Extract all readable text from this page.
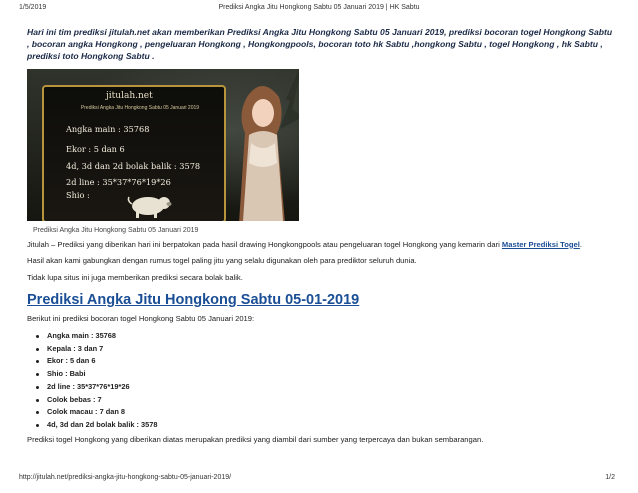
1/5/2019	Prediksi Angka Jitu Hongkong Sabtu 05 Januari 2019 | HK Sabtu

Hari ini tim prediksi jitulah.net akan memberikan Prediksi Angka Jitu Hongkong Sabtu 05 Januari 2019, prediksi bocoran togel Hongkong Sabtu , bocoran angka Hongkong , pengeluaran Hongkong , Hongkongpools, bocoran toto hk Sabtu ,hongkong Sabtu , togel Hongkong , hk Sabtu , prediksi toto Hongkong Sabtu .

jitulah.net
Prediksi Angka Jitu Hongkong Sabtu 05 Januari 2019
Angka main : 35768
Ekor : 5 dan 6
4d, 3d dan 2d bolak balik : 3578
2d line : 35*37*76*19*26
Shio :
Prediksi Angka Jitu Hongkong Sabtu 05 Januari 2019

Jitulah – Prediksi yang diberikan hari ini berpatokan pada hasil drawing Hongkongpools atau pengeluaran togel Hongkong yang kemarin dari Master Prediksi Togel.

Hasil akan kami gabungkan dengan rumus togel paling jitu yang selalu digunakan oleh para prediktor seluruh dunia.

Tidak lupa situs ini juga memberikan prediksi secara bolak balik.

Prediksi Angka Jitu Hongkong Sabtu 05-01-2019

Berikut ini prediksi bocoran togel Hongkong Sabtu 05 Januari 2019:

Angka main : 35768
Kepala : 3 dan 7
Ekor : 5 dan 6
Shio : Babi
2d line : 35*37*76*19*26
Colok bebas : 7
Colok macau : 7 dan 8
4d, 3d dan 2d bolak balik : 3578

Prediksi togel Hongkong yang diberikan diatas merupakan prediksi yang diambil dari sumber yang terpercaya dan bukan sembarangan.

http://jitulah.net/prediksi-angka-jitu-hongkong-sabtu-05-januari-2019/	1/2
